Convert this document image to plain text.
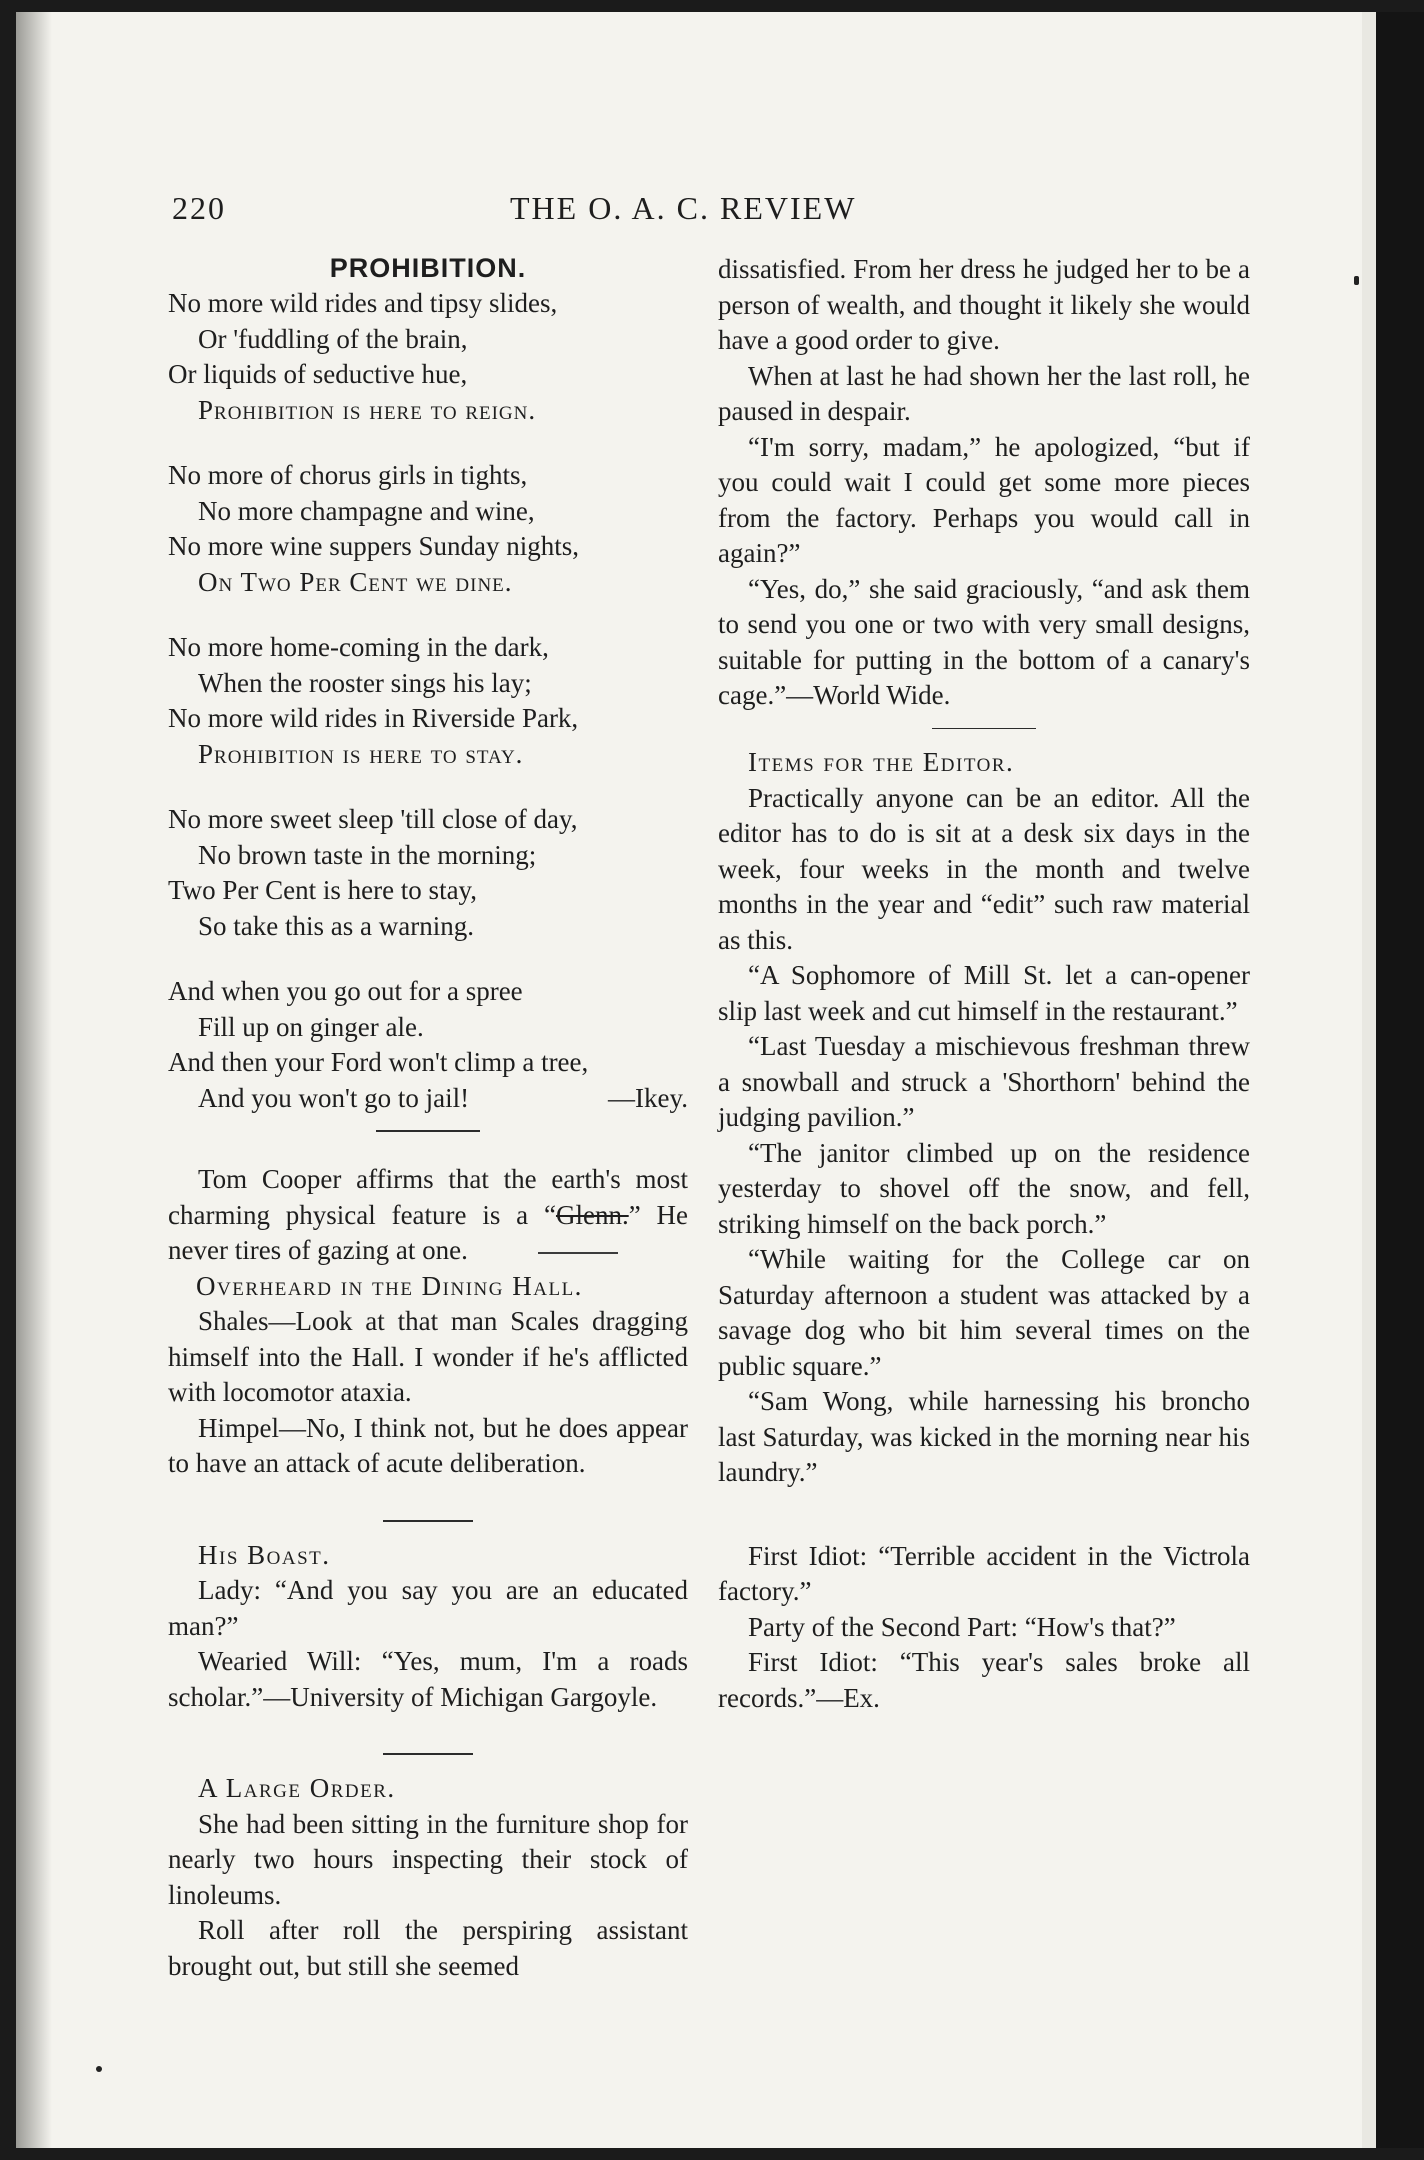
220	THE O. A. C. REVIEW
PROHIBITION.
No more wild rides and tipsy slides,
Or 'fuddling of the brain,
Or liquids of seductive hue,
Prohibition is here to reign.
No more of chorus girls in tights,
No more champagne and wine,
No more wine suppers Sunday nights,
On Two Per Cent we dine.
No more home-coming in the dark,
When the rooster sings his lay;
No more wild rides in Riverside Park,
Prohibition is here to stay.
No more sweet sleep 'till close of day,
No brown taste in the morning;
Two Per Cent is here to stay,
So take this as a warning.
And when you go out for a spree
Fill up on ginger ale.
And then your Ford won't climp a tree,
And you won't go to jail!	—Ikey.

Tom Cooper affirms that the earth's most charming physical feature is a “Glenn.” He never tires of gazing at one.

Overheard in the Dining Hall.

Shales—Look at that man Scales dragging himself into the Hall. I wonder if he's afflicted with locomotor ataxia.

Himpel—No, I think not, but he does appear to have an attack of acute deliberation.

His Boast.

Lady: “And you say you are an educated man?”

Wearied Will: “Yes, mum, I'm a roads scholar.”—University of Michigan Gargoyle.

A Large Order.

She had been sitting in the furniture shop for nearly two hours inspecting their stock of linoleums.

Roll after roll the perspiring assistant brought out, but still she seemed

dissatisfied. From her dress he judged her to be a person of wealth, and thought it likely she would have a good order to give.

When at last he had shown her the last roll, he paused in despair.

“I'm sorry, madam,” he apologized, “but if you could wait I could get some more pieces from the factory. Perhaps you would call in again?”

“Yes, do,” she said graciously, “and ask them to send you one or two with very small designs, suitable for putting in the bottom of a canary's cage.”—World Wide.

Items for the Editor.

Practically anyone can be an editor. All the editor has to do is sit at a desk six days in the week, four weeks in the month and twelve months in the year and “edit” such raw material as this.

“A Sophomore of Mill St. let a can-opener slip last week and cut himself in the restaurant.”

“Last Tuesday a mischievous freshman threw a snowball and struck a 'Shorthorn' behind the judging pavilion.”

“The janitor climbed up on the residence yesterday to shovel off the snow, and fell, striking himself on the back porch.”

“While waiting for the College car on Saturday afternoon a student was attacked by a savage dog who bit him several times on the public square.”

“Sam Wong, while harnessing his broncho last Saturday, was kicked in the morning near his laundry.”

First Idiot: “Terrible accident in the Victrola factory.”

Party of the Second Part: “How's that?”

First Idiot: “This year's sales broke all records.”—Ex.
